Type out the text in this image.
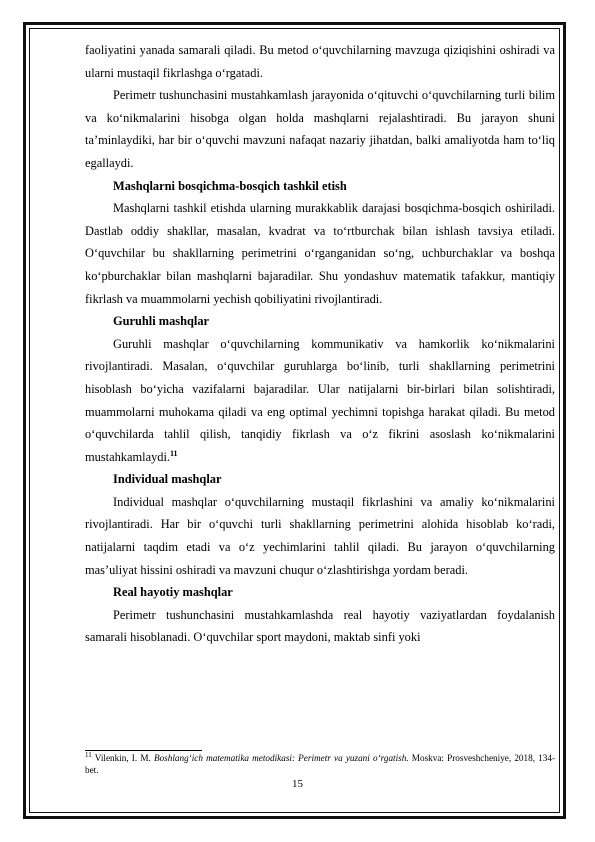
faoliyatini yanada samarali qiladi. Bu metod o‘quvchilarning mavzuga qiziqishini oshiradi va ularni mustaqil fikrlashga o‘rgatadi.

Perimetr tushunchasini mustahkamlash jarayonida o‘qituvchi o‘quvchilarning turli bilim va ko‘nikmalarini hisobga olgan holda mashqlarni rejalashtiradi. Bu jarayon shuni ta’minlaydiki, har bir o‘quvchi mavzuni nafaqat nazariy jihatdan, balki amaliyotda ham to‘liq egallaydi.

Mashqlarni bosqichma-bosqich tashkil etish

Mashqlarni tashkil etishda ularning murakkablik darajasi bosqichma-bosqich oshiriladi. Dastlab oddiy shakllar, masalan, kvadrat va to‘rtburchak bilan ishlash tavsiya etiladi. O‘quvchilar bu shakllarning perimetrini o‘rganganidan so‘ng, uchburchaklar va boshqa ko‘pburchaklar bilan mashqlarni bajaradilar. Shu yondashuv matematik tafakkur, mantiqiy fikrlash va muammolarni yechish qobiliyatini rivojlantiradi.

Guruhli mashqlar

Guruhli mashqlar o‘quvchilarning kommunikativ va hamkorlik ko‘nikmalarini rivojlantiradi. Masalan, o‘quvchilar guruhlarga bo‘linib, turli shakllarning perimetrini hisoblash bo‘yicha vazifalarni bajaradilar. Ular natijalarni bir-birlari bilan solishtiradi, muammolarni muhokama qiladi va eng optimal yechimni topishga harakat qiladi. Bu metod o‘quvchilarda tahlil qilish, tanqidiy fikrlash va o‘z fikrini asoslash ko‘nikmalarini mustahkamlaydi.$^{11}$

Individual mashqlar

Individual mashqlar o‘quvchilarning mustaqil fikrlashini va amaliy ko‘nikmalarini rivojlantiradi. Har bir o‘quvchi turli shakllarning perimetrini alohida hisoblab ko‘radi, natijalarni taqdim etadi va o‘z yechimlarini tahlil qiladi. Bu jarayon o‘quvchilarning mas’uliyat hissini oshiradi va mavzuni chuqur o‘zlashtirishga yordam beradi.

Real hayotiy mashqlar

Perimetr tushunchasini mustahkamlashda real hayotiy vaziyatlardan foydalanish samarali hisoblanadi. O‘quvchilar sport maydoni, maktab sinfi yoki

$^{11}$ Vilenkin, I. M. Boshlang‘ich matematika metodikasi: Perimetr va yuzani o‘rgatish. Moskva: Prosveshcheniye, 2018, 134-bet.
15
